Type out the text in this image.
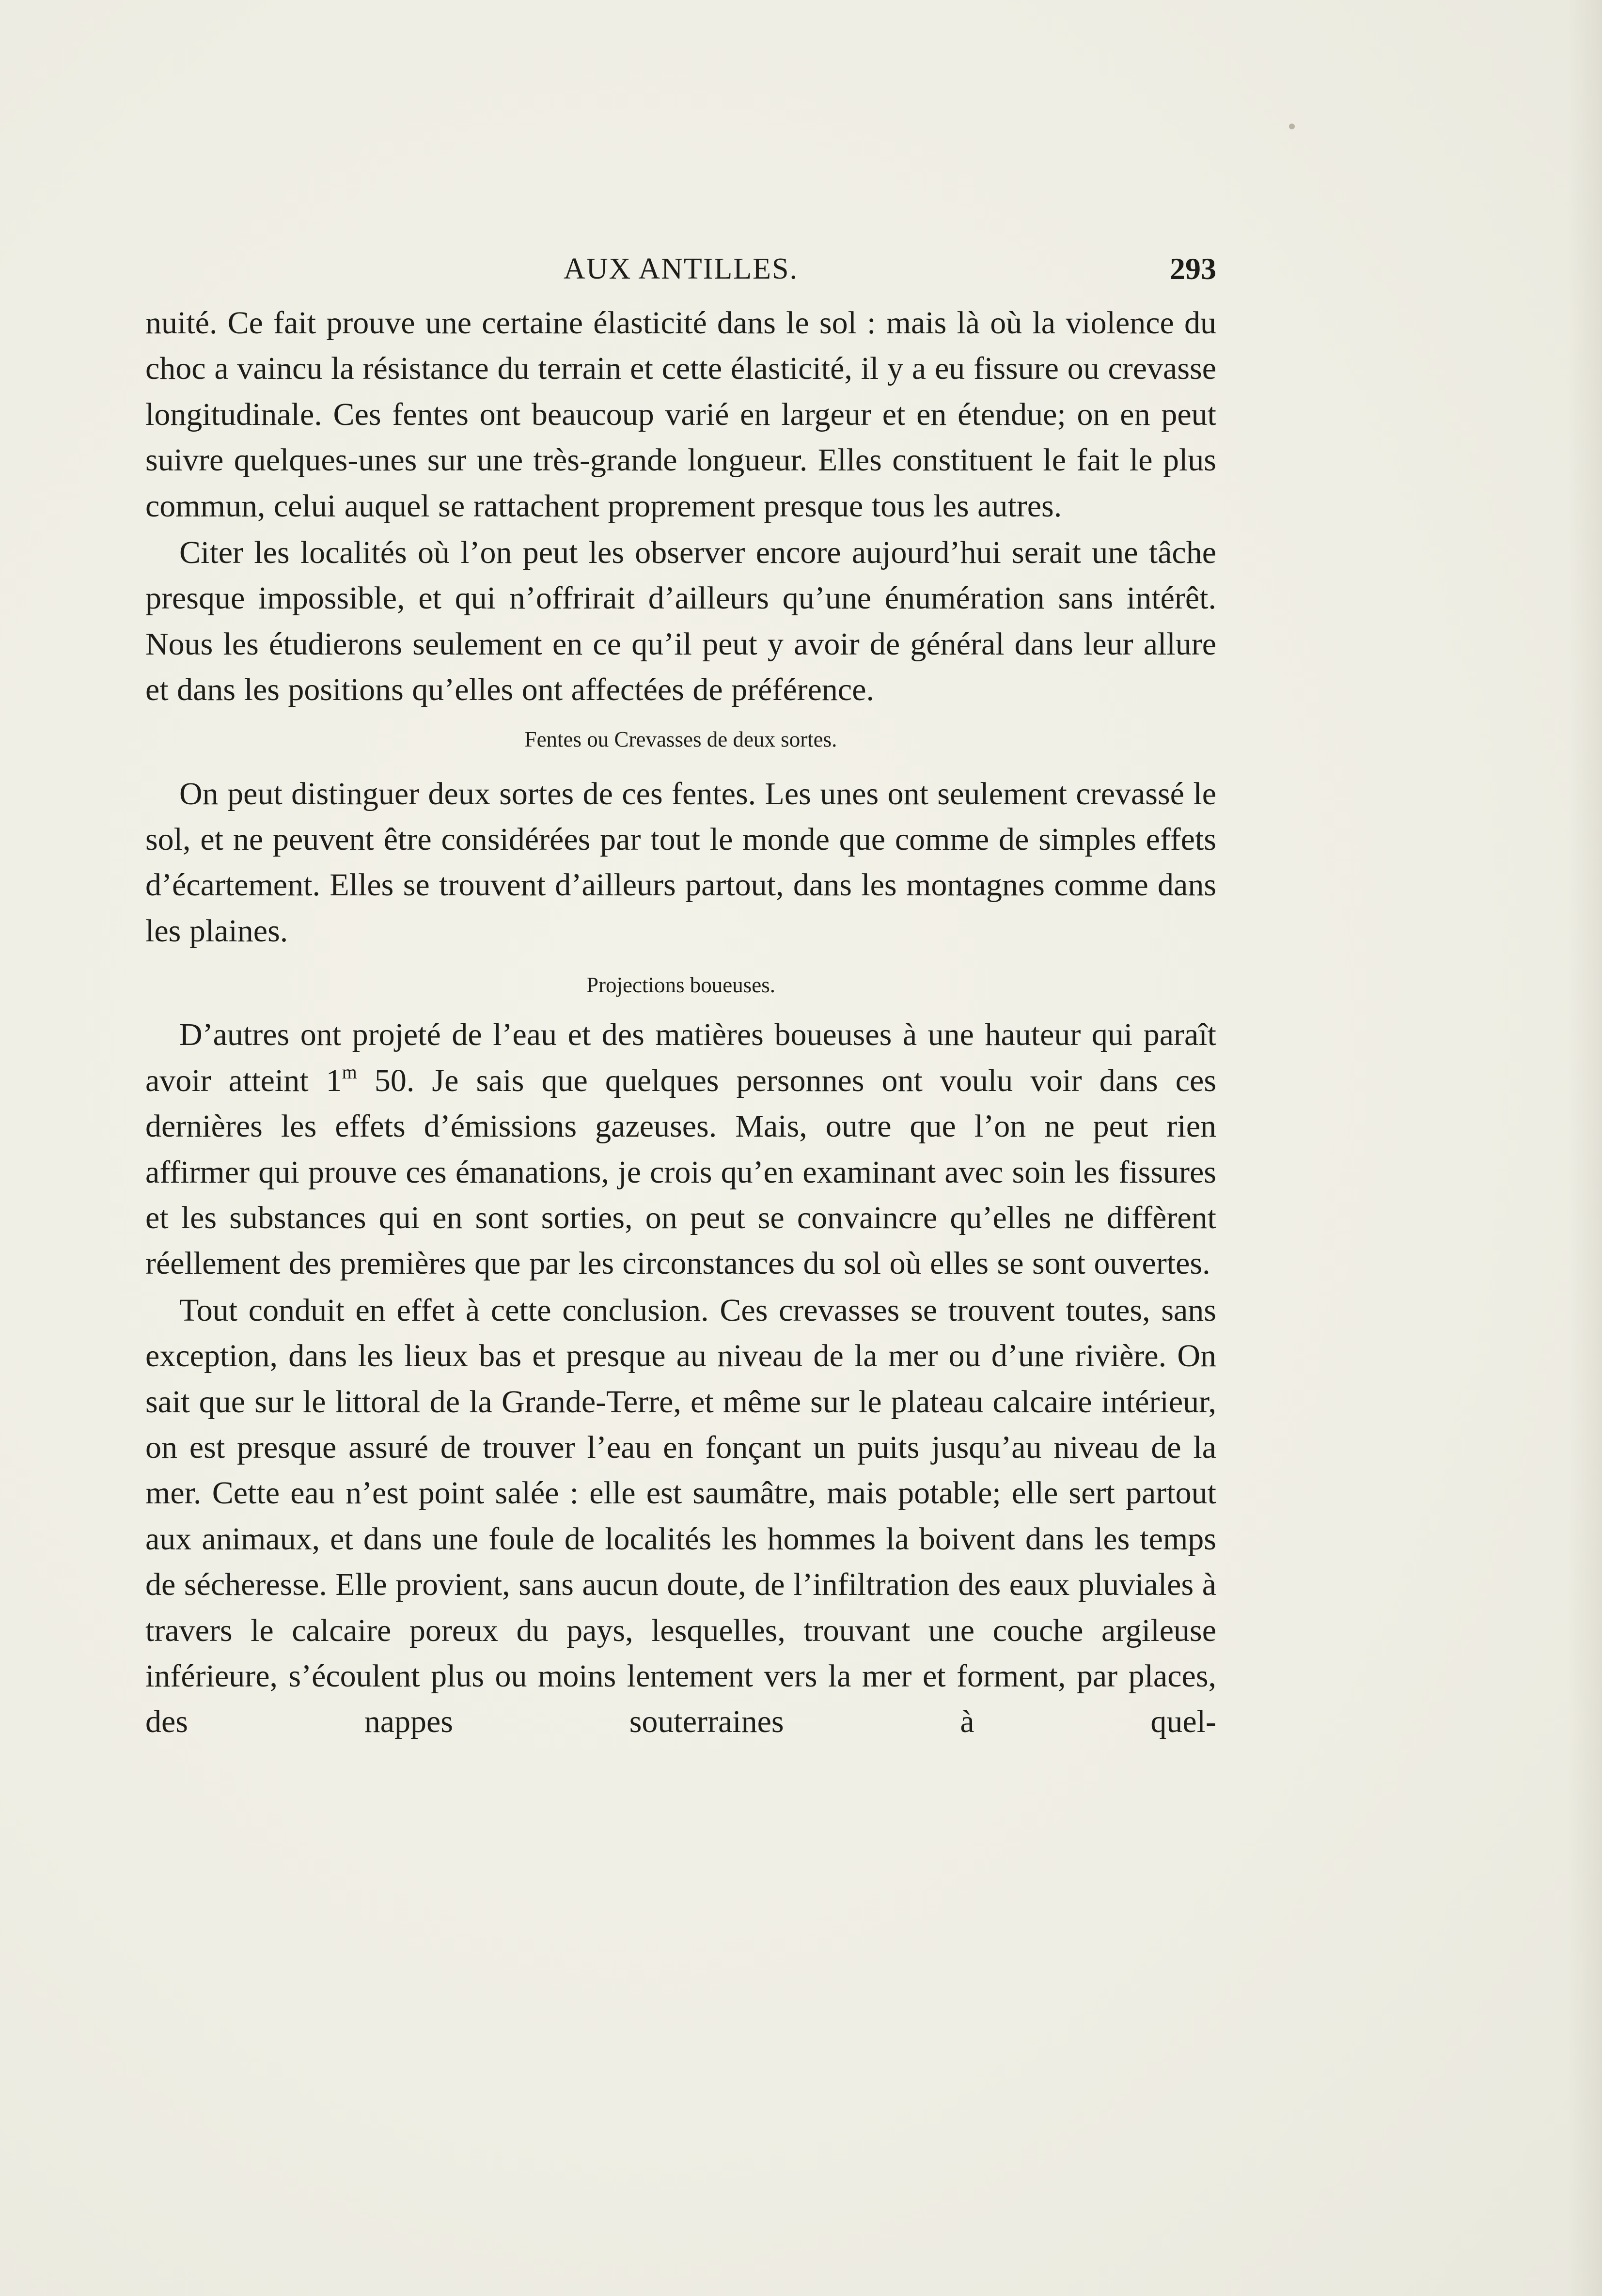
AUX ANTILLES.	293

nuité. Ce fait prouve une certaine élasticité dans le sol : mais là où la violence du choc a vaincu la résistance du terrain et cette élasticité, il y a eu fissure ou crevasse longitudinale. Ces fentes ont beaucoup varié en largeur et en étendue; on en peut suivre quelques-unes sur une très-grande longueur. Elles constituent le fait le plus commun, celui auquel se rattachent proprement presque tous les autres.

Citer les localités où l’on peut les observer encore aujourd’hui serait une tâche presque impossible, et qui n’offrirait d’ailleurs qu’une énumération sans intérêt. Nous les étudierons seulement en ce qu’il peut y avoir de général dans leur allure et dans les positions qu’elles ont affectées de préférence.

Fentes ou Crevasses de deux sortes.

On peut distinguer deux sortes de ces fentes. Les unes ont seulement crevassé le sol, et ne peuvent être considérées par tout le monde que comme de simples effets d’écartement. Elles se trouvent d’ailleurs partout, dans les montagnes comme dans les plaines.

Projections boueuses.

D’autres ont projeté de l’eau et des matières boueuses à une hauteur qui paraît avoir atteint 1$^m$ 50. Je sais que quelques personnes ont voulu voir dans ces dernières les effets d’émissions gazeuses. Mais, outre que l’on ne peut rien affirmer qui prouve ces émanations, je crois qu’en examinant avec soin les fissures et les substances qui en sont sorties, on peut se convaincre qu’elles ne diffèrent réellement des premières que par les circonstances du sol où elles se sont ouvertes.

Tout conduit en effet à cette conclusion. Ces crevasses se trouvent toutes, sans exception, dans les lieux bas et presque au niveau de la mer ou d’une rivière. On sait que sur le littoral de la Grande-Terre, et même sur le plateau calcaire intérieur, on est presque assuré de trouver l’eau en fonçant un puits jusqu’au niveau de la mer. Cette eau n’est point salée : elle est saumâtre, mais potable; elle sert partout aux animaux, et dans une foule de localités les hommes la boivent dans les temps de sécheresse. Elle provient, sans aucun doute, de l’infiltration des eaux pluviales à travers le calcaire poreux du pays, lesquelles, trouvant une couche argileuse inférieure, s’écoulent plus ou moins lentement vers la mer et forment, par places, des nappes souterraines à quel-
